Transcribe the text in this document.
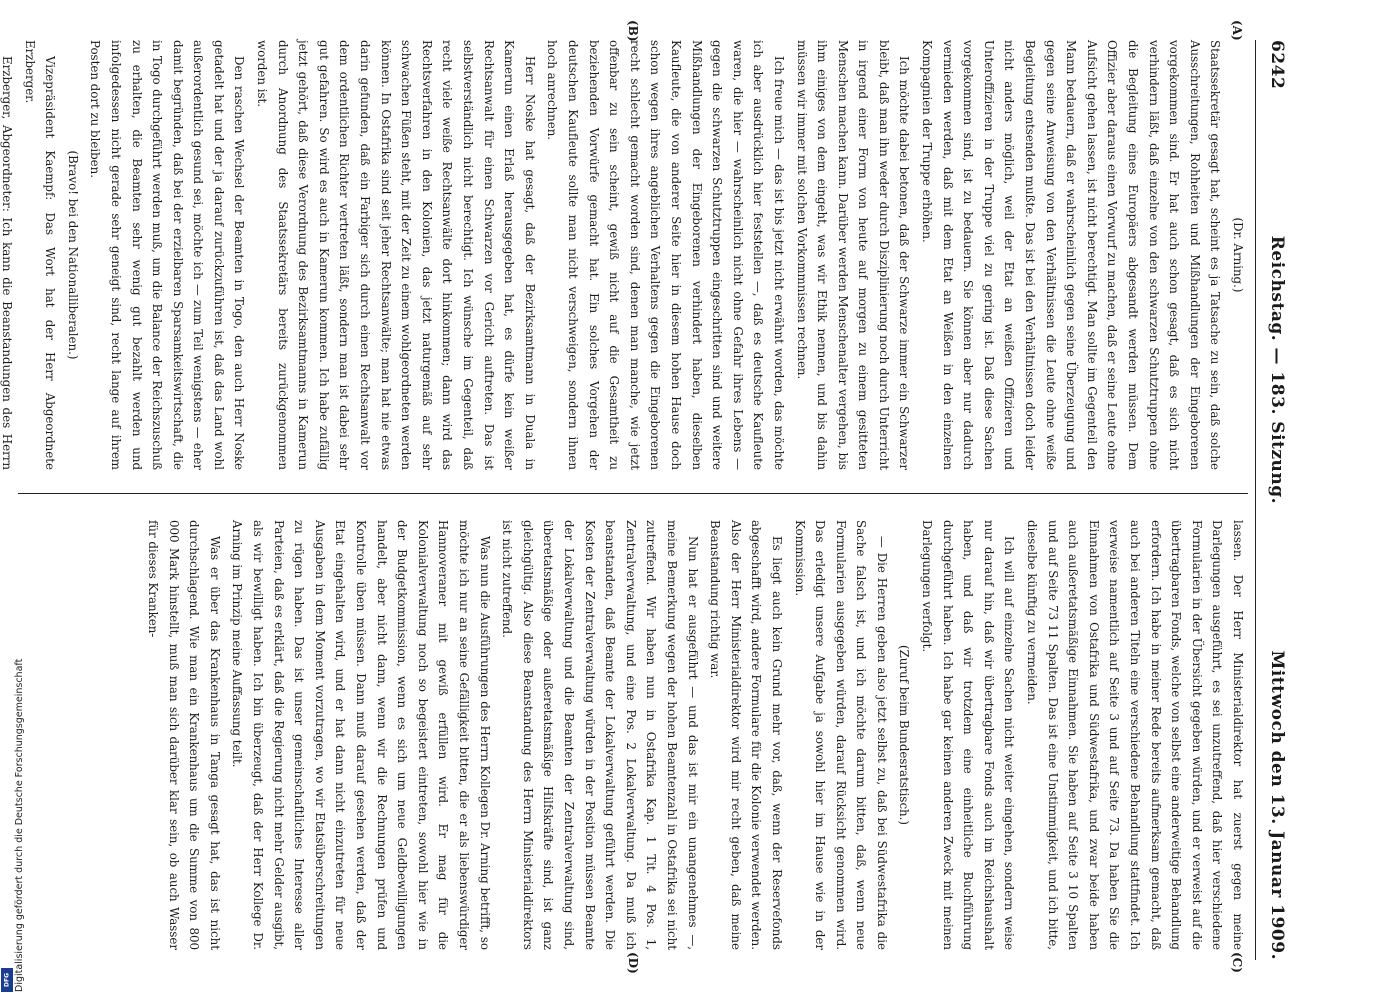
6242
Reichstag. — 183. Sitzung.
Mittwoch den 13. Januar 1909.
(A)
(B)
(C)
(D)

(Dr. Arning.)

Staatssekretär gesagt hat, scheint es ja Tatsache zu sein, daß solche Ausschreitungen, Rohheiten und Mißhandlungen der Eingeborenen vorgekommen sind. Er hat auch schon gesagt, daß es sich nicht verhindern läßt, daß einzelne von den schwarzen Schutztruppen ohne die Begleitung eines Europäers abgesandt werden müssen. Dem Offizier aber daraus einen Vorwurf zu machen, daß er seine Leute ohne Aufsicht gehen lassen, ist nicht berechtigt. Man sollte im Gegenteil den Mann bedauern, daß er wahrscheinlich gegen seine Überzeugung und gegen seine Anweisung von den Verhältnissen die Leute ohne weiße Begleitung entsenden mußte. Das ist bei den Verhältnissen doch leider nicht anders möglich, weil der Etat an weißen Offizieren und Unteroffizieren in der Truppe viel zu gering ist. Daß diese Sachen vorgekommen sind, ist zu bedauern. Sie können aber nur dadurch vermieden werden, daß mit dem Etat an Weißen in den einzelnen Kompagnien der Truppe erhöhen.

Ich möchte dabei betonen, daß der Schwarze immer ein Schwarzer bleibt, daß man ihn weder durch Disziplinierung noch durch Unterricht in irgend einer Form von heute auf morgen zu einem gesitteten Menschen machen kann. Darüber werden Menschenalter vergehen, bis ihm einiges von dem eingeht, was wir Ethik nennen, und bis dahin müssen wir immer mit solchen Vorkommnissen rechnen.

Ich freue mich — das ist bis jetzt nicht erwähnt worden, das möchte ich aber ausdrücklich hier feststellen —, daß es deutsche Kaufleute waren, die hier — wahrscheinlich nicht ohne Gefahr ihres Lebens — gegen die schwarzen Schutztruppen eingeschritten sind und weitere Mißhandlungen der Eingeborenen verhindert haben, dieselben Kaufleute, die von anderer Seite hier in diesem hohen Hause doch schon wegen ihres angeblichen Verhaltens gegen die Eingeborenen recht schlecht gemacht worden sind, denen man manche, wie jetzt offenbar zu sein scheint, gewiß nicht auf die Gesamtheit zu beziehenden Vorwürfe gemacht hat. Ein solches Vorgehen der deutschen Kaufleute sollte man nicht verschweigen, sondern ihnen hoch anrechnen.

Herr Noske hat gesagt, daß der Bezirksamtmann in Duala in Kamerun einen Erlaß herausgegeben hat, es dürfe kein weißer Rechtsanwalt für einen Schwarzen vor Gericht auftreten. Das ist selbstverständlich nicht berechtigt. Ich wünsche im Gegenteil, daß recht viele weiße Rechtsanwälte dort hinkommen; dann wird das Rechtsverfahren in den Kolonien, das jetzt naturgemäß auf sehr schwachen Füßen steht, mit der Zeit zu einem wohlgeordneten werden können. In Ostafrika sind seit jeher Rechtsanwälte; man hat nie etwas darin gefunden, daß ein Farbiger sich durch einen Rechtsanwalt vor dem ordentlichen Richter vertreten läßt, sondern man ist dabei sehr gut gefahren. So wird es auch in Kamerun kommen. Ich habe zufällig jetzt gehört, daß diese Verordnung des Bezirksamtmanns in Kamerun durch Anordnung des Staatssekretärs bereits zurückgenommen worden ist.

Den raschen Wechsel der Beamten in Togo, den auch Herr Noske getadelt hat und der ja darauf zurückzuführen ist, daß das Land wohl außerordentlich gesund sei, möchte ich — zum Teil wenigstens — eher damit begründen, daß bei der erzielbaren Sparsamkeitswirtschaft, die in Togo durchgeführt werden muß, um die Balance der Reichszuschuß zu erhalten, die Beamten sehr wenig gut bezahlt werden und infolgedessen nicht gerade sehr geneigt sind, recht lange auf ihrem Posten dort zu bleiben.

(Bravo! bei den Nationalliberalen.)

Vizepräsident Kaempf: Das Wort hat der Herr Abgeordnete Erzberger.

Erzberger, Abgeordneter: Ich kann die Beanstandungen des Herrn

lassen. Der Herr Ministerialdirektor hat zuerst gegen meine Darlegungen ausgeführt, es sei unzutreffend, daß hier verschiedene Formularien in der Übersicht gegeben würden, und er verweist auf die übertragbaren Fonds, welche von selbst eine anderweitige Behandlung erfordern. Ich habe in meiner Rede bereits aufmerksam gemacht, daß auch bei anderen Titeln eine verschiedene Behandlung stattfindet. Ich verweise namentlich auf Seite 3 und auf Seite 73. Da haben Sie die Einnahmen von Ostafrika und Südwestafrika, und zwar beide haben auch außeretatsmäßige Einnahmen. Sie haben auf Seite 3 10 Spalten und auf Seite 73 11 Spalten. Das ist eine Unstimmigkeit, und ich bitte, dieselbe künftig zu vermeiden.

Ich will auf einzelne Sachen nicht weiter eingehen, sondern weise nur darauf hin, daß wir übertragbare Fonds auch im Reichshaushalt haben, und daß wir trotzdem eine einheitliche Buchführung durchgeführt haben. Ich habe gar keinen anderen Zweck mit meinen Darlegungen verfolgt.

(Zuruf beim Bundesratstisch.)

— Die Herren geben also jetzt selbst zu, daß bei Südwestafrika die Sache falsch ist, und ich möchte darum bitten, daß, wenn neue Formularien ausgegeben würden, darauf Rücksicht genommen wird. Das erledigt unsere Aufgabe ja sowohl hier im Hause wie in der Kommission.

Es liegt auch kein Grund mehr vor, daß, wenn der Reservefonds abgeschafft wird, andere Formulare für die Kolonie verwendet werden. Also der Herr Ministerialdirektor wird mir recht geben, daß meine Beanstandung richtig war.

Nun hat er ausgeführt — und das ist mir ein unangenehmes —, meine Bemerkung wegen der hohen Beamtenzahl in Ostafrika sei nicht zutreffend. Wir haben nun in Ostafrika Kap. 1 Tit. 4 Pos. 1, Zentralverwaltung, und eine Pos. 2 Lokalverwaltung. Da muß ich beanstanden, daß Beamte der Lokalverwaltung geführt werden. Die Kosten der Zentralverwaltung würden in der Position müssen Beamte der Lokalverwaltung und die Beamten der Zentralverwaltung sind, überetatsmäßige oder außeretatsmäßige Hilfskräfte sind, ist ganz gleichgültig. Also diese Beanstandung des Herrn Ministerialdirektors ist nicht zutreffend.

Was nun die Ausführungen des Herrn Kollegen Dr. Arning betrifft, so möchte ich nur an seine Gefälligkeit bitten, die er als liebenswürdiger Hannoveraner mit gewiß erfüllen wird. Er mag für die Kolonialverwaltung noch so begeistert eintreten, sowohl hier wie in der Budgetkommission, wenn es sich um neue Geldbewilligungen handelt, aber nicht dann, wenn wir die Rechnungen prüfen und Kontrolle üben müssen. Dann muß darauf gesehen werden, daß der Etat eingehalten wird, und er hat dann nicht einzutreten für neue Ausgaben in dem Moment vorzutragen, wo wir Etatsüberschreitungen zu rügen haben. Das ist unser gemeinschaftliches Interesse aller Parteien, daß es erklärt, daß die Regierung nicht mehr Gelder ausgibt, als wir bewilligt haben. Ich bin überzeugt, daß der Herr Kollege Dr. Arning im Prinzip meine Auffassung teilt.

Was er über das Krankenhaus in Tanga gesagt hat, das ist nicht durchschlagend. Wie man ein Krankenhaus um die Summe von 800 000 Mark hinstellt, muß man sich darüber klar sein, ob auch Wasser für dieses Kranken-

Digitalisierung gefördert durch die Deutsche Forschungsgemeinschaft
DFG
